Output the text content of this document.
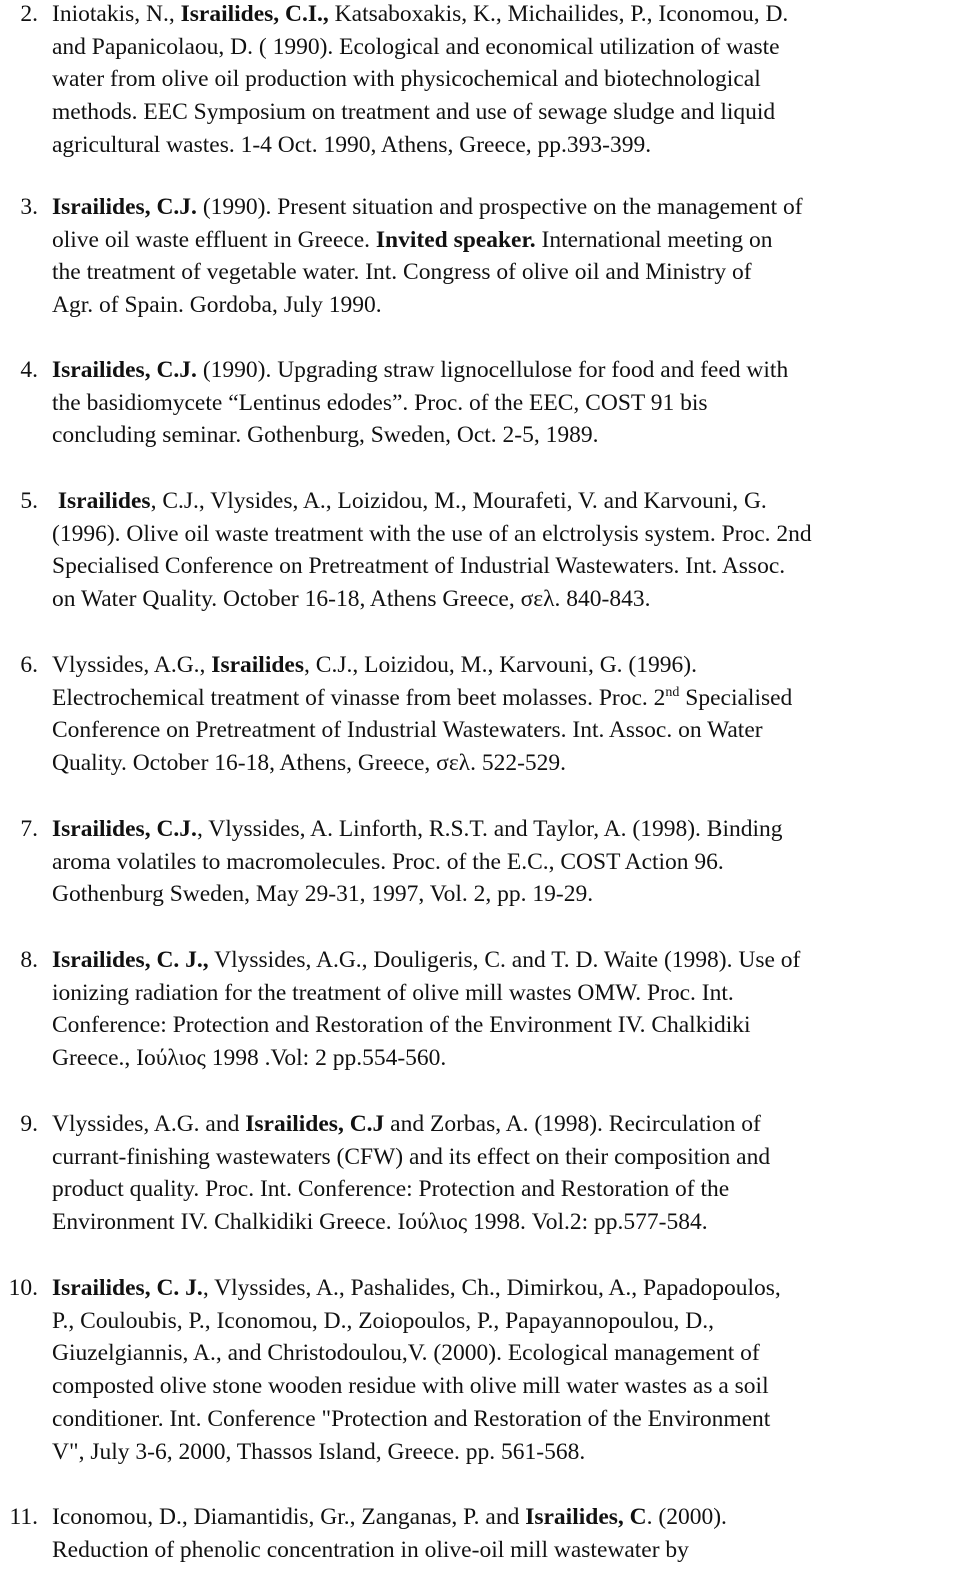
2. Iniotakis, N., Israilides, C.I., Katsaboxakis, K., Michailides, P., Iconomou, D.
and Papanicolaou, D. ( 1990). Ecological and economical utilization of waste
water from olive oil production with physicochemical and biotechnological
methods. EEC Symposium on treatment and use of sewage sludge and liquid
agricultural wastes. 1-4 Oct. 1990, Athens, Greece, pp.393-399.
3. Israilides, C.J. (1990). Present situation and prospective on the management of
olive oil waste effluent in Greece. Invited speaker. International meeting on
the treatment of vegetable water. Int. Congress of olive oil and Ministry of
Agr. of Spain. Gordoba, July 1990.
4. Israilides, C.J. (1990). Upgrading straw lignocellulose for food and feed with
the basidiomycete “Lentinus edodes”. Proc. of the EEC, COST 91 bis
concluding seminar. Gothenburg, Sweden, Oct. 2-5, 1989.
5. Israilides, C.J., Vlysides, A., Loizidou, M., Mourafeti, V. and Karvouni, G.
(1996). Olive oil waste treatment with the use of an elctrolysis system. Proc. 2nd
Specialised Conference on Pretreatment of Industrial Wastewaters. Int. Assoc.
on Water Quality. October 16-18, Athens Greece, σελ. 840-843.
6. Vlyssides, A.G., Israilides, C.J., Loizidou, M., Karvouni, G. (1996).
Electrochemical treatment of vinasse from beet molasses. Proc. 2nd Specialised
Conference on Pretreatment of Industrial Wastewaters. Int. Assoc. on Water
Quality. October 16-18, Athens, Greece, σελ. 522-529.
7. Israilides, C.J., Vlyssides, A. Linforth, R.S.T. and Taylor, A. (1998). Binding
aroma volatiles to macromolecules. Proc. of the E.C., COST Action 96.
Gothenburg Sweden, May 29-31, 1997, Vol. 2, pp. 19-29.
8. Israilides, C. J., Vlyssides, A.G., Douligeris, C. and T. D. Waite (1998). Use of
ionizing radiation for the treatment of olive mill wastes OMW. Proc. Int.
Conference: Protection and Restoration of the Environment IV. Chalkidiki
Greece., Ιούλιος 1998 .Vol: 2 pp.554-560.
9. Vlyssides, A.G. and Israilides, C.J and Zorbas, A. (1998). Recirculation of
currant-finishing wastewaters (CFW) and its effect on their composition and
product quality. Proc. Int. Conference: Protection and Restoration of the
Environment IV. Chalkidiki Greece. Ιούλιος 1998. Vol.2: pp.577-584.
10. Israilides, C. J., Vlyssides, A., Pashalides, Ch., Dimirkou, A., Papadopoulos,
P., Couloubis, P., Iconomou, D., Zoiopoulos, P., Papayannopoulou, D.,
Giuzelgiannis, A., and Christodoulou,V. (2000). Ecological management of
composted olive stone wooden residue with olive mill water wastes as a soil
conditioner. Int. Conference "Protection and Restoration of the Environment
V", July 3-6, 2000, Thassos Island, Greece. pp. 561-568.
11. Iconomou, D., Diamantidis, Gr., Zanganas, P. and Israilides, C. (2000).
Reduction of phenolic concentration in olive-oil mill wastewater by
